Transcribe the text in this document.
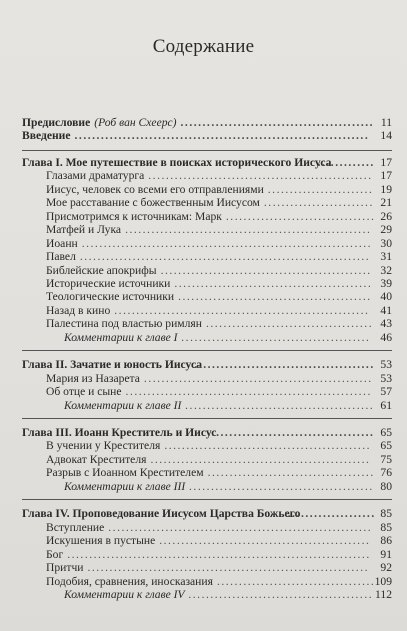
Содержание
Предисловие (Роб ван Схеерс)	11
............................................
Введение	14
...................................................................
Глава I. Мое путешествие в поисках исторического Иисуса	17
.............
Глазами драматурга	17
...................................................
Иисус, человек со всеми его отправлениями	19
........................
Мое расставание с божественным Иисусом	21
.........................
Присмотримся к источникам: Марк	26
..................................
Матфей и Лука	29
........................................................
Иоанн	30
..................................................................
Павел	31
..................................................................
Библейские апокрифы	32
................................................
Исторические источники	39
.............................................
Теологические источники	40
............................................
Назад в кино	41
..........................................................
Палестина под властью римлян	43
......................................
Комментарии к главе I	46
...........................................
Глава II. Зачатие и юность Иисуса	53
.........................................
Мария из Назарета	53
....................................................
Об отце и сыне	57
........................................................
Комментарии к главе II	61
...........................................
Глава III. Иоанн Креститель и Иисус	65
......................................
В учении у Крестителя	65
...............................................
Адвокат Крестителя	75
..................................................
Разрыв с Иоанном Крестителем	76
......................................
Комментарии к главе III	80
..........................................
Глава IV. Проповедование Иисусом Царства Божьего	85
....................
Вступление	85
............................................................
Искушения в пустыне	86
................................................
Бог	91
.....................................................................
Притчи	92
................................................................
Подобия, сравнения, иносказания	109
....................................
Комментарии к главе IV	112
..........................................
